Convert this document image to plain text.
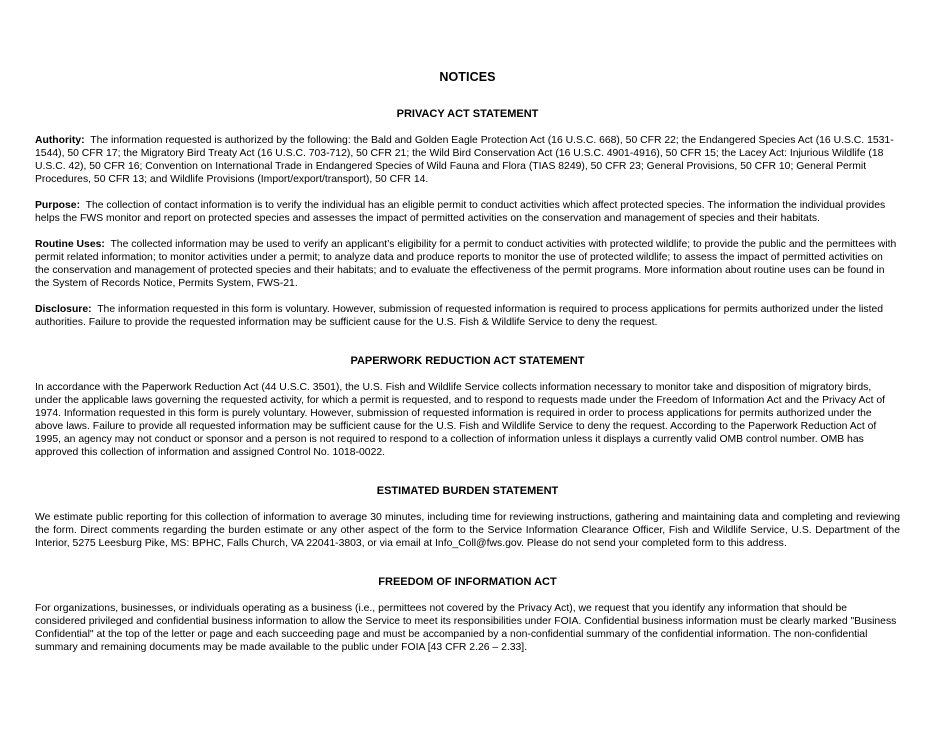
NOTICES
PRIVACY ACT STATEMENT

Authority: The information requested is authorized by the following: the Bald and Golden Eagle Protection Act (16 U.S.C. 668), 50 CFR 22; the Endangered Species Act (16 U.S.C. 1531-1544), 50 CFR 17; the Migratory Bird Treaty Act (16 U.S.C. 703-712), 50 CFR 21; the Wild Bird Conservation Act (16 U.S.C. 4901-4916), 50 CFR 15; the Lacey Act: Injurious Wildlife (18 U.S.C. 42), 50 CFR 16; Convention on International Trade in Endangered Species of Wild Fauna and Flora (TIAS 8249), 50 CFR 23; General Provisions, 50 CFR 10; General Permit Procedures, 50 CFR 13; and Wildlife Provisions (Import/export/transport), 50 CFR 14.

Purpose: The collection of contact information is to verify the individual has an eligible permit to conduct activities which affect protected species. The information the individual provides helps the FWS monitor and report on protected species and assesses the impact of permitted activities on the conservation and management of species and their habitats.

Routine Uses: The collected information may be used to verify an applicant’s eligibility for a permit to conduct activities with protected wildlife; to provide the public and the permittees with permit related information; to monitor activities under a permit; to analyze data and produce reports to monitor the use of protected wildlife; to assess the impact of permitted activities on the conservation and management of protected species and their habitats; and to evaluate the effectiveness of the permit programs. More information about routine uses can be found in the System of Records Notice, Permits System, FWS-21.

Disclosure: The information requested in this form is voluntary. However, submission of requested information is required to process applications for permits authorized under the listed authorities. Failure to provide the requested information may be sufficient cause for the U.S. Fish & Wildlife Service to deny the request.

PAPERWORK REDUCTION ACT STATEMENT

In accordance with the Paperwork Reduction Act (44 U.S.C. 3501), the U.S. Fish and Wildlife Service collects information necessary to monitor take and disposition of migratory birds, under the applicable laws governing the requested activity, for which a permit is requested, and to respond to requests made under the Freedom of Information Act and the Privacy Act of 1974. Information requested in this form is purely voluntary. However, submission of requested information is required in order to process applications for permits authorized under the above laws. Failure to provide all requested information may be sufficient cause for the U.S. Fish and Wildlife Service to deny the request. According to the Paperwork Reduction Act of 1995, an agency may not conduct or sponsor and a person is not required to respond to a collection of information unless it displays a currently valid OMB control number. OMB has approved this collection of information and assigned Control No. 1018-0022.

ESTIMATED BURDEN STATEMENT

We estimate public reporting for this collection of information to average 30 minutes, including time for reviewing instructions, gathering and maintaining data and completing and reviewing the form. Direct comments regarding the burden estimate or any other aspect of the form to the Service Information Clearance Officer, Fish and Wildlife Service, U.S. Department of the Interior, 5275 Leesburg Pike, MS: BPHC, Falls Church, VA 22041-3803, or via email at Info_Coll@fws.gov. Please do not send your completed form to this address.

FREEDOM OF INFORMATION ACT

For organizations, businesses, or individuals operating as a business (i.e., permittees not covered by the Privacy Act), we request that you identify any information that should be considered privileged and confidential business information to allow the Service to meet its responsibilities under FOIA. Confidential business information must be clearly marked "Business Confidential" at the top of the letter or page and each succeeding page and must be accompanied by a non-confidential summary of the confidential information. The non-confidential summary and remaining documents may be made available to the public under FOIA [43 CFR 2.26 – 2.33].
